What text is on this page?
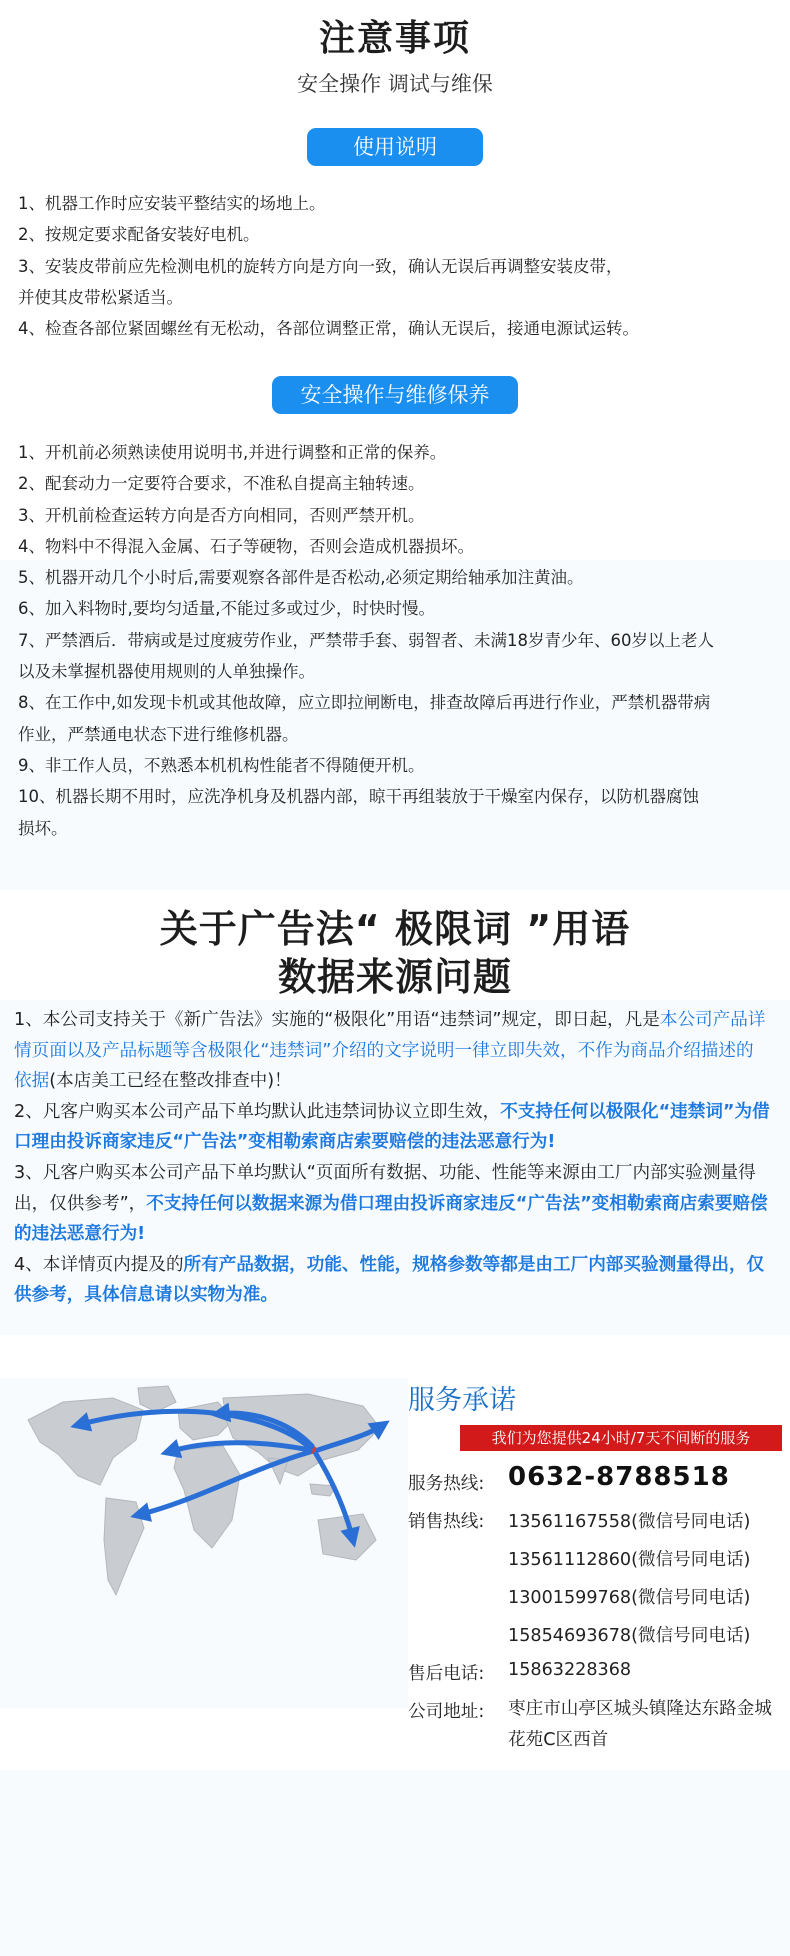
注意事项
安全操作 调试与维保
使用说明

1、机器工作时应安装平整结实的场地上。

2、按规定要求配备安装好电机。

3、安装皮带前应先检测电机的旋转方向是方向一致，确认无误后再调整安装皮带，

并使其皮带松紧适当。

4、检查各部位紧固螺丝有无松动，各部位调整正常，确认无误后，接通电源试运转。

安全操作与维修保养

1、开机前必须熟读使用说明书,并进行调整和正常的保养。

2、配套动力一定要符合要求，不准私自提高主轴转速。

3、开机前检查运转方向是否方向相同，否则严禁开机。

4、物料中不得混入金属、石子等硬物，否则会造成机器损坏。

5、机器开动几个小时后,需要观察各部件是否松动,必须定期给轴承加注黄油。

6、加入料物时,要均匀适量,不能过多或过少，时快时慢。

7、严禁酒后．带病或是过度疲劳作业，严禁带手套、弱智者、未满18岁青少年、60岁以上老人

以及未掌握机器使用规则的人单独操作。

8、在工作中,如发现卡机或其他故障，应立即拉闸断电，排查故障后再进行作业，严禁机器带病

作业，严禁通电状态下进行维修机器。

9、非工作人员，不熟悉本机机构性能者不得随便开机。

10、机器长期不用时，应洗净机身及机器内部，晾干再组装放于干燥室内保存，以防机器腐蚀

损坏。

关于广告法“ 极限词 ”用语
数据来源问题

1、本公司支持关于《新广告法》实施的“极限化”用语“违禁词”规定，即日起，凡是本公司产品详情页面以及产品标题等含极限化“违禁词”介绍的文字说明一律立即失效，不作为商品介绍描述的依据(本店美工已经在整改排查中)！

2、凡客户购买本公司产品下单均默认此违禁词协议立即生效，不支持任何以极限化“违禁词”为借口理由投诉商家违反“广告法”变相勒索商店索要赔偿的违法恶意行为!

3、凡客户购买本公司产品下单均默认“页面所有数据、功能、性能等来源由工厂内部实验测量得出，仅供参考”，不支持任何以数据来源为借口理由投诉商家违反“广告法”变相勒索商店索要赔偿的违法恶意行为!

4、本详情页内提及的所有产品数据，功能、性能，规格参数等都是由工厂内部买验测量得出，仅供参考，具体信息请以实物为准。

服务承诺
我们为您提供24小时/7天不间断的服务
服务热线: 0632-8788518
销售热线:	13561167558(微信号同电话)
13561112860(微信号同电话)
13001599768(微信号同电话)
15854693678(微信号同电话)
售后电话:	15863228368
公司地址:	枣庄市山亭区城头镇隆达东路金城花苑C区西首
